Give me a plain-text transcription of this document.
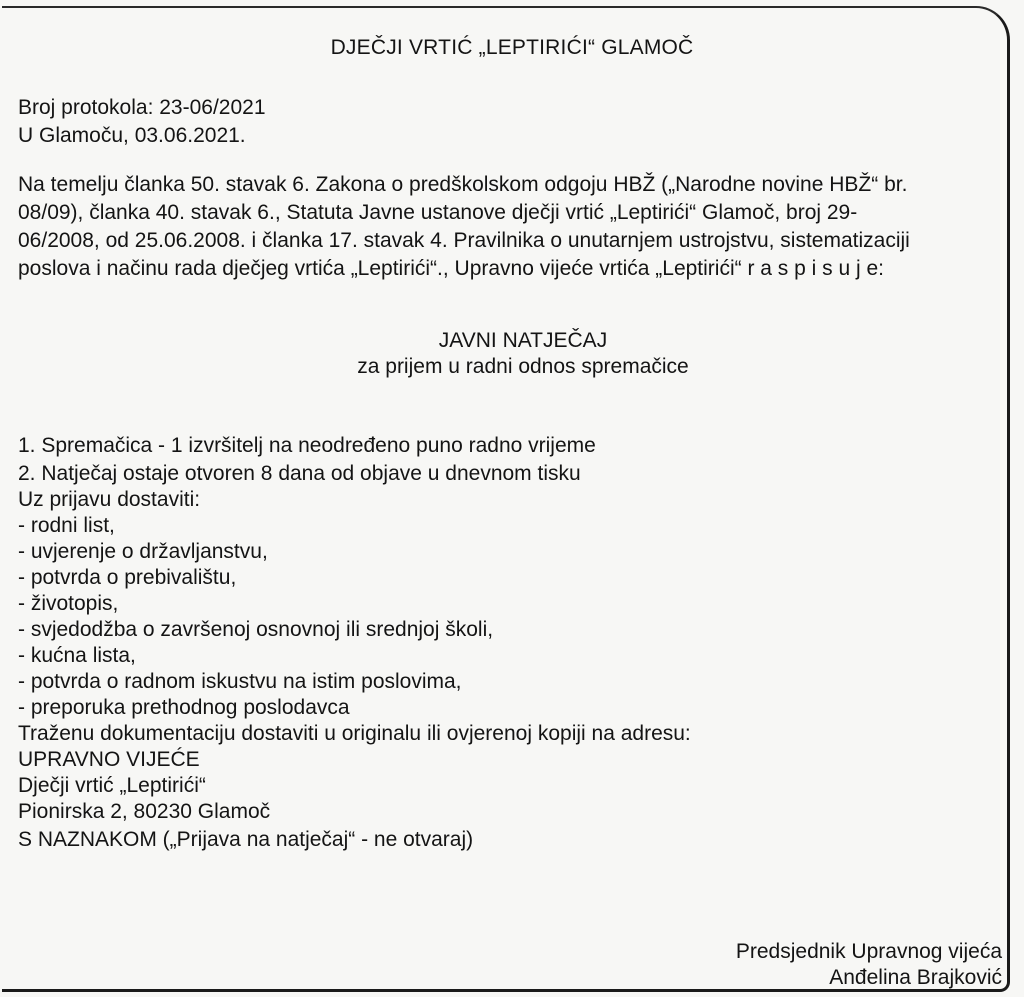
DJEČJI VRTIĆ „LEPTIRIĆI“ GLAMOČ
Broj protokola: 23-06/2021
U Glamoču, 03.06.2021.
Na temelju članka 50. stavak 6. Zakona o predškolskom odgoju HBŽ („Narodne novine HBŽ“ br.
08/09), članka 40. stavak 6., Statuta Javne ustanove dječji vrtić „Leptirići“ Glamoč, broj 29-
06/2008, od 25.06.2008. i članka 17. stavak 4. Pravilnika o unutarnjem ustrojstvu, sistematizaciji
poslova i načinu rada dječjeg vrtića „Leptirići“., Upravno vijeće vrtića „Leptirići“ r a s p i s u j e:
JAVNI NATJEČAJ
za prijem u radni odnos spremačice
1. Spremačica - 1 izvršitelj na neodređeno puno radno vrijeme
2. Natječaj ostaje otvoren 8 dana od objave u dnevnom tisku
Uz prijavu dostaviti:
- rodni list,
- uvjerenje o državljanstvu,
- potvrda o prebivalištu,
- životopis,
- svjedodžba o završenoj osnovnoj ili srednjoj školi,
- kućna lista,
- potvrda o radnom iskustvu na istim poslovima,
- preporuka prethodnog poslodavca
Traženu dokumentaciju dostaviti u originalu ili ovjerenoj kopiji na adresu:
UPRAVNO VIJEĆE
Dječji vrtić „Leptirići“
Pionirska 2, 80230 Glamoč
S NAZNAKOM („Prijava na natječaj“ - ne otvaraj)
Predsjednik Upravnog vijeća
Anđelina Brajković
